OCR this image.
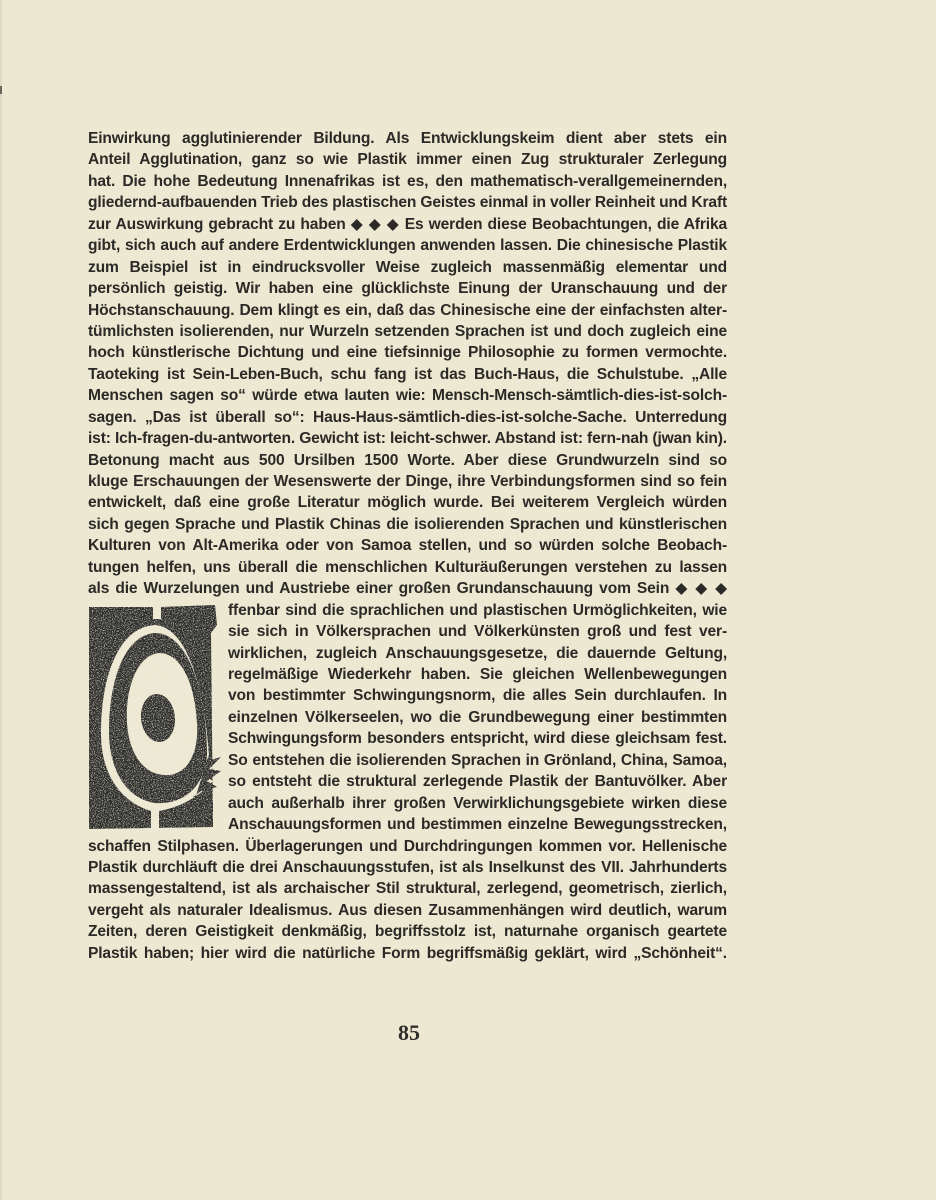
Einwirkung agglutinierender Bildung. Als Entwicklungskeim dient aber stets ein
Anteil Agglutination, ganz so wie Plastik immer einen Zug strukturaler Zerlegung
hat. Die hohe Bedeutung Innenafrikas ist es, den mathematisch-verallgemeinernden,
gliedernd-aufbauenden Trieb des plastischen Geistes einmal in voller Reinheit und Kraft
zur Auswirkung gebracht zu haben ◆ ◆ ◆ Es werden diese Beobachtungen, die Afrika
gibt, sich auch auf andere Erdentwicklungen anwenden lassen. Die chinesische Plastik
zum Beispiel ist in eindrucksvoller Weise zugleich massenmäßig elementar und
persönlich geistig. Wir haben eine glücklichste Einung der Uranschauung und der
Höchstanschauung. Dem klingt es ein, daß das Chinesische eine der einfachsten alter-
tümlichsten isolierenden, nur Wurzeln setzenden Sprachen ist und doch zugleich eine
hoch künstlerische Dichtung und eine tiefsinnige Philosophie zu formen vermochte.
Taoteking ist Sein-Leben-Buch, schu fang ist das Buch-Haus, die Schulstube. „Alle
Menschen sagen so“ würde etwa lauten wie: Mensch-Mensch-sämtlich-dies-ist-solch-
sagen. „Das ist überall so“: Haus-Haus-sämtlich-dies-ist-solche-Sache. Unterredung
ist: Ich-fragen-du-antworten. Gewicht ist: leicht-schwer. Abstand ist: fern-nah (jwan kin).
Betonung macht aus 500 Ursilben 1500 Worte. Aber diese Grundwurzeln sind so
kluge Erschauungen der Wesenswerte der Dinge, ihre Verbindungsformen sind so fein
entwickelt, daß eine große Literatur möglich wurde. Bei weiterem Vergleich würden
sich gegen Sprache und Plastik Chinas die isolierenden Sprachen und künstlerischen
Kulturen von Alt-Amerika oder von Samoa stellen, und so würden solche Beobach-
tungen helfen, uns überall die menschlichen Kulturäußerungen verstehen zu lassen
als die Wurzelungen und Austriebe einer großen Grundanschauung vom Sein ◆ ◆ ◆
ffenbar sind die sprachlichen und plastischen Urmöglichkeiten, wie
sie sich in Völkersprachen und Völkerkünsten groß und fest ver-
wirklichen, zugleich Anschauungsgesetze, die dauernde Geltung,
regelmäßige Wiederkehr haben. Sie gleichen Wellenbewegungen
von bestimmter Schwingungsnorm, die alles Sein durchlaufen. In
einzelnen Völkerseelen, wo die Grundbewegung einer bestimmten
Schwingungsform besonders entspricht, wird diese gleichsam fest.
So entstehen die isolierenden Sprachen in Grönland, China, Samoa,
so entsteht die struktural zerlegende Plastik der Bantuvölker. Aber
auch außerhalb ihrer großen Verwirklichungsgebiete wirken diese
Anschauungsformen und bestimmen einzelne Bewegungsstrecken,
schaffen Stilphasen. Überlagerungen und Durchdringungen kommen vor. Hellenische
Plastik durchläuft die drei Anschauungsstufen, ist als Inselkunst des VII. Jahrhunderts
massengestaltend, ist als archaischer Stil struktural, zerlegend, geometrisch, zierlich,
vergeht als naturaler Idealismus. Aus diesen Zusammenhängen wird deutlich, warum
Zeiten, deren Geistigkeit denkmäßig, begriffsstolz ist, naturnahe organisch geartete
Plastik haben; hier wird die natürliche Form begriffsmäßig geklärt, wird „Schönheit“.
85
